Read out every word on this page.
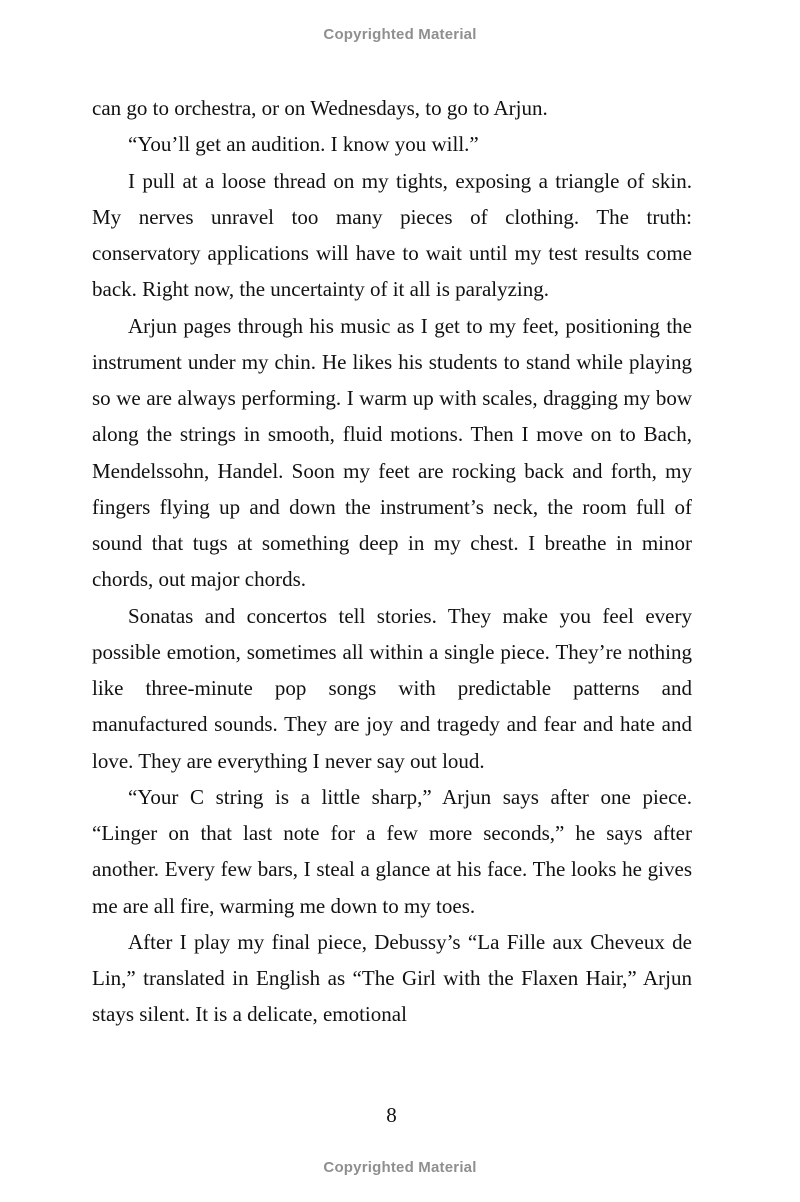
Copyrighted Material

can go to orchestra, or on Wednesdays, to go to Arjun.

“You’ll get an audition. I know you will.”

I pull at a loose thread on my tights, exposing a triangle of skin. My nerves unravel too many pieces of clothing. The truth: conservatory applications will have to wait until my test results come back. Right now, the uncertainty of it all is paralyzing.

Arjun pages through his music as I get to my feet, positioning the instrument under my chin. He likes his students to stand while playing so we are always performing. I warm up with scales, dragging my bow along the strings in smooth, fluid motions. Then I move on to Bach, Mendelssohn, Handel. Soon my feet are rocking back and forth, my fingers flying up and down the instrument’s neck, the room full of sound that tugs at something deep in my chest. I breathe in minor chords, out major chords.

Sonatas and concertos tell stories. They make you feel every possible emotion, sometimes all within a single piece. They’re nothing like three-minute pop songs with predictable patterns and manufactured sounds. They are joy and tragedy and fear and hate and love. They are everything I never say out loud.

“Your C string is a little sharp,” Arjun says after one piece. “Linger on that last note for a few more seconds,” he says after another. Every few bars, I steal a glance at his face. The looks he gives me are all fire, warming me down to my toes.

After I play my final piece, Debussy’s “La Fille aux Cheveux de Lin,” translated in English as “The Girl with the Flaxen Hair,” Arjun stays silent. It is a delicate, emotional

8
Copyrighted Material
